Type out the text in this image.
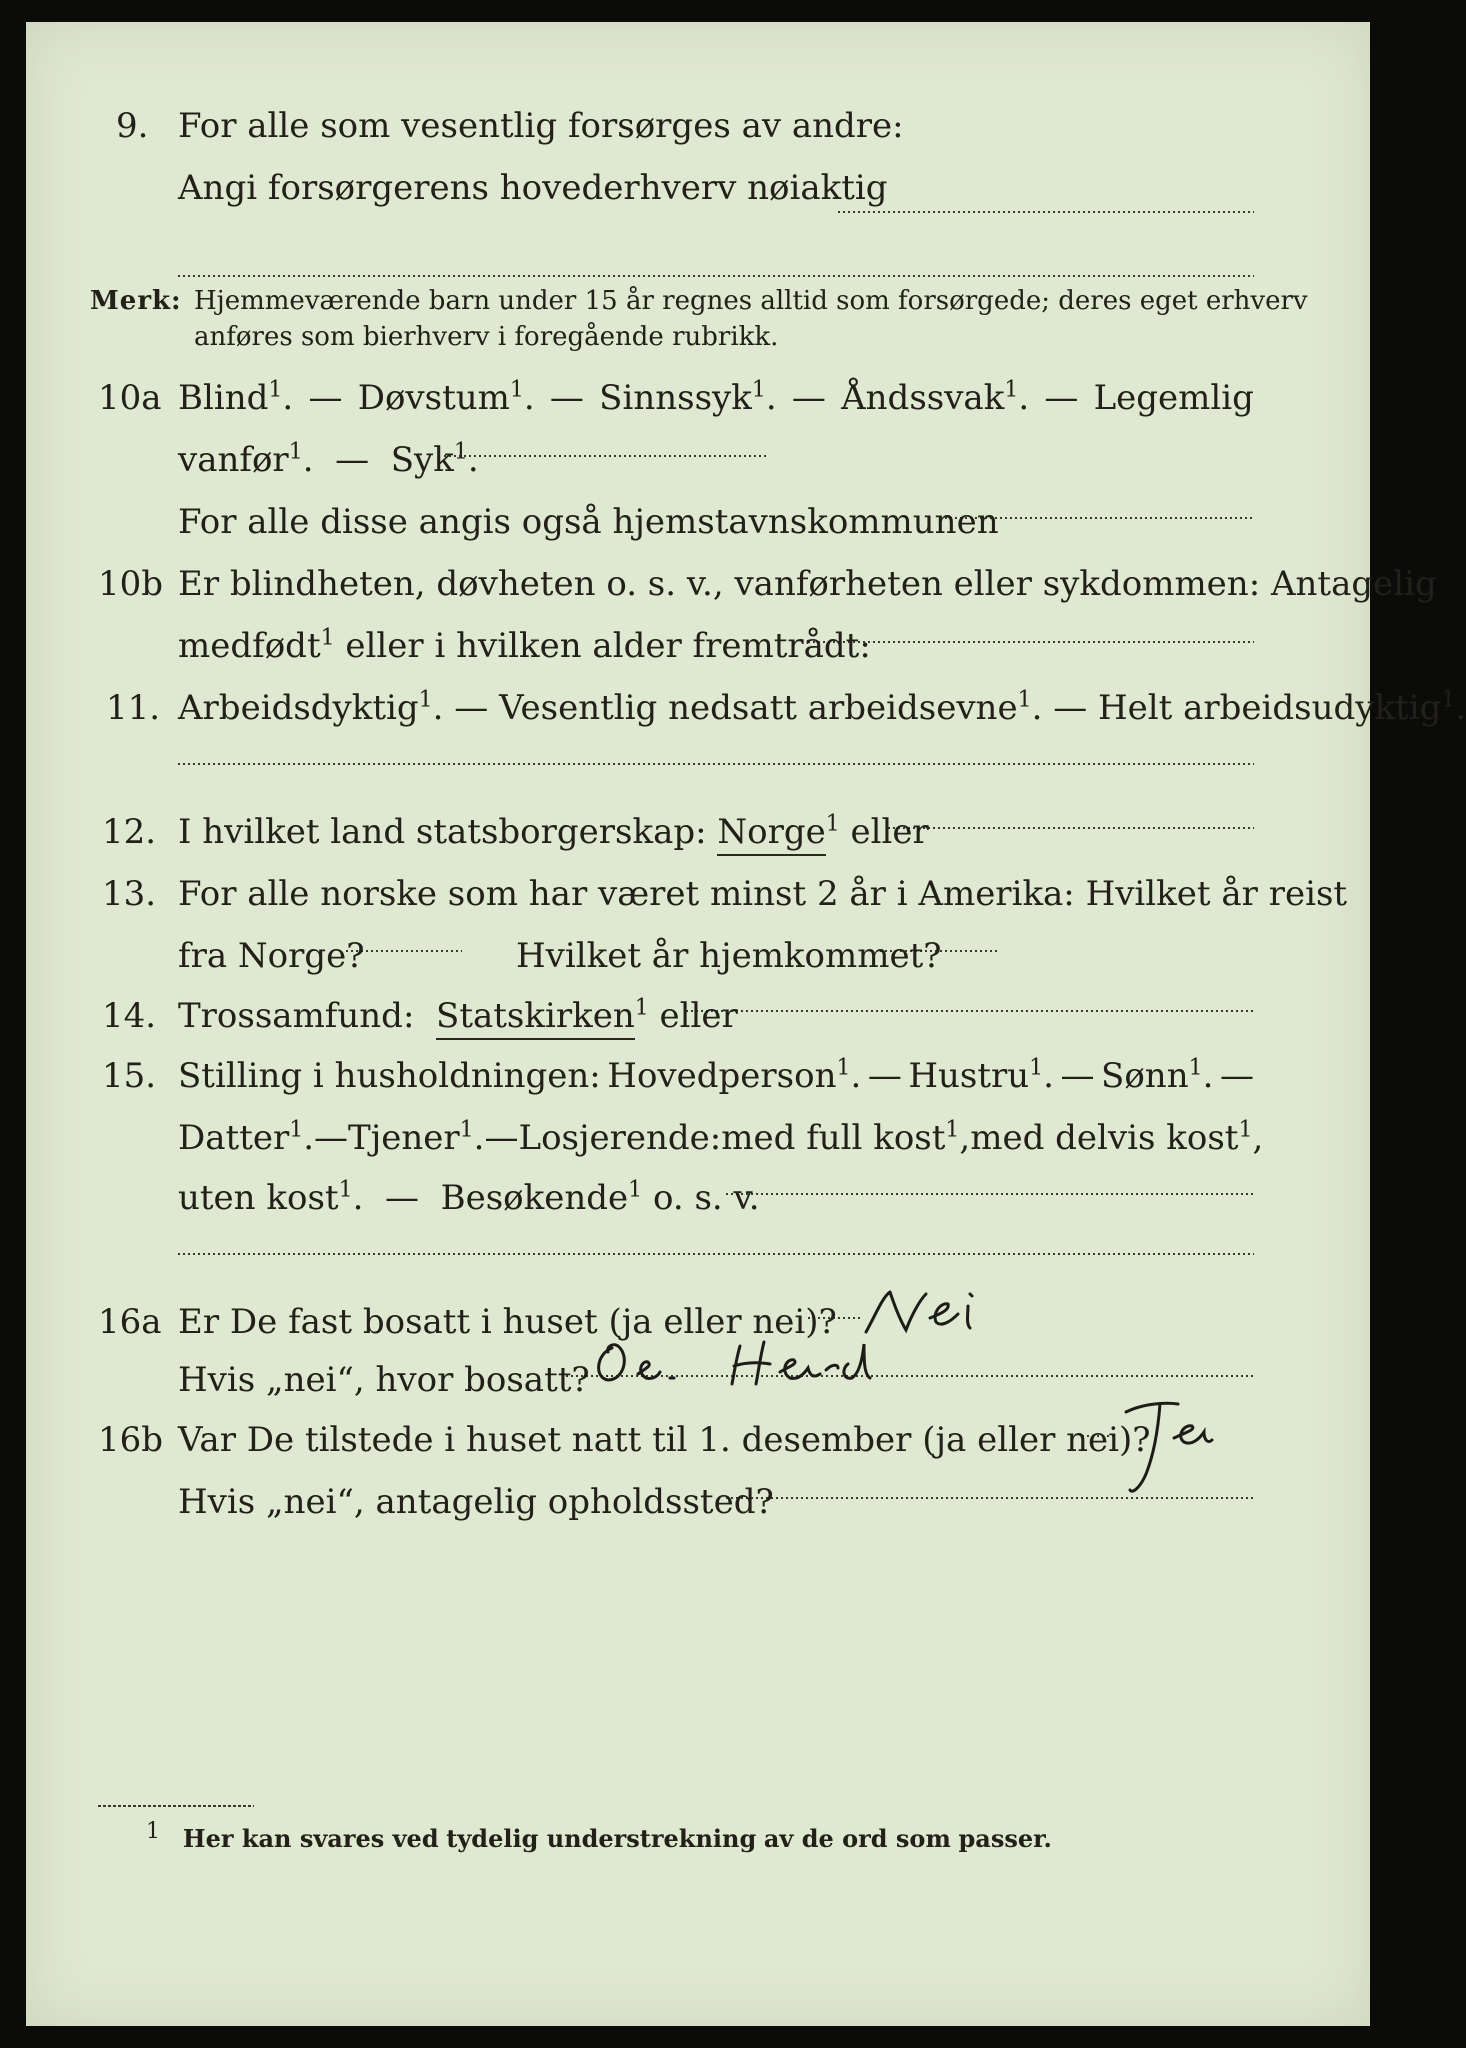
9. For alle som vesentlig forsørges av andre:
Angi forsørgerens hovederhverv nøiaktig
Merk: Hjemmeværende barn under 15 år regnes alltid som forsørgede; deres eget erhverv
anføres som bierhverv i foregående rubrikk.
10a Blind$^1$. — Døvstum$^1$. — Sinnssyk$^1$. — Åndssvak$^1$. — Legemlig
vanfør$^1$.  — Syk$^1$.
For alle disse angis også hjemstavnskommunen
10b Er blindheten, døvheten o. s. v., vanførheten eller sykdommen: Antagelig
medfødt$^1$ eller i hvilken alder fremtrådt:
11. Arbeidsdyktig$^1$. — Vesentlig nedsatt arbeidsevne$^1$. — Helt arbeidsudyktig$^1$.
12. I hvilket land statsborgerskap: Norge$^1$ eller
13. For alle norske som har været minst 2 år i Amerika: Hvilket år reist
fra Norge?	Hvilket år hjemkommet?
14. Trossamfund: Statskirken$^1$ eller
15. Stilling i husholdningen: Hovedperson$^1$. — Hustru$^1$. — Sønn$^1$. —
Datter$^1$. — Tjener$^1$. — Losjerende: med full kost$^1$, med delvis kost$^1$,
uten kost$^1$.  —  Besøkende$^1$ o. s. v.
16a Er De fast bosatt i huset (ja eller nei)?
Hvis „nei“, hvor bosatt?
16b Var De tilstede i huset natt til 1. desember (ja eller nei)?
Hvis „nei“, antagelig opholdssted?
1 Her kan svares ved tydelig understrekning av de ord som passer.
